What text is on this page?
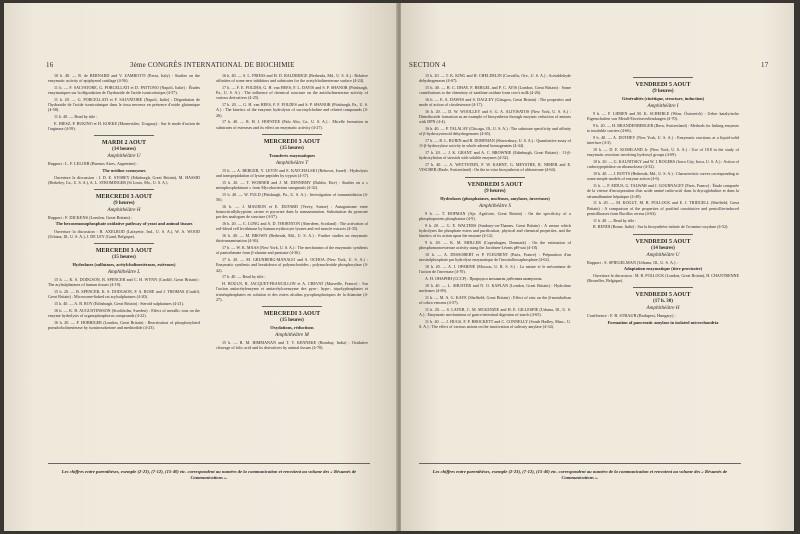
16	3ème CONGRÈS INTERNATIONAL DE BIOCHIMIE

10 h. 40. — R. de BERNARD and V. ZAMBOTTI (Pavia, Italy) : Studies on the enzymatic activity of epiphyseal cartilage (4-56).

11 h. — F. SALVATORE, G. PORCELLATI et D. PATTONO (Napoli, Italie) : Études enzymatiques sur la dégradation de l'hydrazide de l'acide isonicotinique (4-57).

11 h. 20. — G. PORCELLATI et F. SALVATORE (Napoli, Italie) : Dégradation de l'hydrazide de l'acide isonicotinique dans le tissu nerveux en présence d'oxide glutamique (4-58).

11 h. 40. — Read by title :

E. HIESZ, P. BUKINO et H. KOEKE (Montevideo, Uruguay) : Sur le mode d'action de l'arginase (4-59).

MARDI 2 AOUT
(14 heures)
Amphithéâtre U
Rapport : L. F. LELOIR (Buenos Aires, Argentine) :
The uridine coenzymes

Ouverture la discussion : I. D. E. STOREY (Edinburgh, Great Britain), M. HASSID (Berkeley, Ca., U. S. A.), A. L. STROMINGER (St Louis, Mo., U. S. A.).

MERCREDI 3 AOUT
(9 heures)
Amphithéâtre H
Rapport : F. DICKENS (London, Great Britain) :
The hexosemonophosphate oxidative pathway of yeast and animal tissues

Ouverture la discussion : B. AXELROD (Lafayette, Ind., U. S. A.), W. A. WOOD (Urbana, Ill., U. S. A.), J. DE LEY (Gand, Belgique).

MERCREDI 3 AOUT
(15 heures)
Hydrolases (sulfatases, acétylcholinestérases, estérases)
Amphithéâtre L

15 h. — K. S. DODGSON, B. SPENCER and C. H. WYNN (Cardiff, Great Britain) : The arylsulphatases of human tissues (4-19).

15 h. 20. — B. SPENCER, K. S. DODGSON, F. A. ROSE and J. THOMAS (Cardiff, Great Britain) : Microsome-linked rat arylsulphatases (4-20).

15 h. 40. — A. B. ROY (Edinburgh, Great Britain) : Steroid sulphatases (4-21).

16 h. — K. B. AUGUSTINSSON (Stockholm, Sweden) : Effect of metallic ions on the enzyme hydrolysis of organophosphorus compounds (4-22).

16 h. 20. — F. HOBBIGER (London, Great Britain) : Reactivation of phosphorylated pseudocholinesterase by isonitrosoketone and methiodide (4-23).

16 h. 40. — S. L. FRIESS and H. D. BALDRIDGE (Bethesda, Md., U. S. A.) : Relative affinities of some new inhibitors and substrates for the acetylcholinesterase surface (4-24).

17 h. — F. E. FOLDES, G. H. van HEES, F. L. DAVIS and S. P. SHANOR (Pittsburgh, Pa., U. S. A.) : The influence of chemical structure on the anticholinesterase activity of various derivatives (4-25).

17 h. 20. — G. H. van HEES, F. F. FOLDES and S. P. SHANOR (Pittsburgh, Pa., U. S. A.) : The kinetics of the enzymic hydrolysis of succinylcholine and related compounds (4-26).

17 h. 40. — R. H. J. HOFSTEE (Palo Alto, Ca., U. S. A.) : Micelle formation in substrates of esterases and its effect on enzymatic activity (4-27).

MERCREDI 3 AOUT
(15 heures)
Transferts enzymatiques
Amphithéâtre T

15 h. — A. BERGER, Y. LEVIN and E. KATCHALSKI (Rehovot, Israel) : Hydrolysis and transpeptidation of lysine peptides by trypsin (4-37).

15 h. 20. — T. WORNER and J. M. DENNEMY (Dublin, Eire) : Studies on a « metaphosphokinase » from Mycobacterium smegmatis (4-32).

15 h. 40. — W. FULD (Pittsburgh, Pa., U. S. A.) : Investigation of transamidation (4-56).

16 h. — J. MAURON et E. DUFARD (Vevey, Suisse) : Antagonisme entre homocitrullyltrypsine, racine et pyruvate dans la transamination. Substitution du pyruvate par des analogues de structure (4-57).

16 h. 20. — C. LONG and A. D. THORNTON (Aberdeen, Scotland) : The activation of red-blood cell lecithinase by human erythrocyte lysates and red muscle extracts (4-35).

16 h. 40. — M. BROWN (Bethesda, Md., U. S. A.) : Further studies on enzymatic thiotransamination (4-36).

17 h. — W. K. MAAS (New York, U. S. A.) : The mechanism of the enzymatic synthesis of pantothenate from β-alanine and pantoate (4-36).

17 h. 20. — M. GRUNBERG-MANAGO and S. OCHOA (New York, U. S. A.) : Enzymatic synthesis and breakdown of polynucleotides ; polynucleotide phosphorylase (4-42).

17 h. 40. — Read by title :

H. BOULN, R. JACQUET-FRANCILLON et A. CREVAT (Marseille, France) : Sur l'action antiacétylenzyme et antiacétylcoenzyme des pyro-, hypo-, tripolyphosphates et trimétaphosphates en solution et des esters alcalins pyrophosphoriques de la thiamine (4-27).

MERCREDI 3 AOUT
(15 heures)
Oxydations, réductions
Amphithéâtre M

15 h. — R. M. HIMMANAN and T. V. KENNEKE (Bombay, India) : Oxidative cleavage of folic acid and its derivatives by animal tissues (4-70).

Les chiffres entre parenthèses, exemple (2-23), (7-12), (15-40) etc. correspondent au numéro de la communication et renvoient au volume des « Résumés de Communications ».
SECTION 4	17

15 h. 20. — T. K. KING and H. CHELDELIN (Corvallis, Ore., U. S. A.) : Acetaldehyde dehydrogenases (4-67).

15 h. 40. — H. C. DHAY, F. BERGEL and P. C. AVIS (London, Great Britain) : Some contributions to the chemistry of xanthine oxidase from cow's milk (4-26).

16 h. — E. A. DAWES and S. DAGLEY (Glasgow, Great Britain) : The properties and mode of action of citrulesterase (4-17).

16 h. 20. — D. W. WOOLLEY and S. G. A. ALIVISATOS (New York, U. S. A.) : Dimethoxide formation as an example of biosynthesis through enzymic reduction of amines with DPN (4-4).

16 h. 40. — P. TALALAY (Chicago, Ill., U. S. A.) : The substrate specificity and affinity of β-hydroxysteroid dehydrogenases (4-65).

17 h. — R. L. RUBIN and B. DORFMAN (Shrewsbury, U. S. A.) : Quantitative assay of 11-β-hydroxylase activity in whole adrenal homogenates (4-44).

17 h. 20. — J. K. GRANT and A. C. BROWNIE (Edinburgh, Great Britain) : 11-β-hydroxylation of steroids with soluble enzymes (4-32).

17 h. 40. — A. WETTSTEIN, F. W. KAHNT, G. MEYSTRE, R. NEHER and E. VISCHER (Basle, Switzerland) : On the in vitro biosynthesis of aldosterone (4-64).

VENDREDI 5 AOUT
(9 heures)
Hydrolases (phosphatases, nucléases, amylases, invertases)
Amphithéâtre S

9 h. — T. HOFMAN (Aje, Agrifoire, Great Britain) : On the specificity of a phosphoprotein phosphatase (4-9).

9 h. 20. — G. E. WALTERS (Sunbury-on-Thames, Great Britain) : A urease which hydrolyses the phosphate esters and purification, physical and chemical properties, and the kinetics of its action upon the enzyme (4-12).

9 h. 40. — K. M. MØLLER (Copenhagen, Denmark) : On the estimation of phosphomonoesterase activity using the Jacobsen-Léonis pH-stat (4-18).

10 h. — A. DESSOBERT et P. FLEURENT (Paris, France) : Préparation d'un inositolphosphate par hydrolyse enzymatique de l'inositolhexaphosphate (4-62).

10 h. 20. — A. I. OPARINE (Moscou, U. R. S. S.) : La nature et le mécanisme de l'action de l'invertase (4-70).

A. H. OHAPHH (СССР) : Природа и механизм действия инвертазы.

10 h. 40. — L. SHUSTER and N. O. KAPLAN (London, Great Britain) : Hydrolase nucleases (4-69).

11 h. — M. A. G. KAYE (Sheffield, Great Britain) : Effect of zinc on the β-metabolism of cobra venoms (4-57).

11 h. 20. — S. LAYER, C. M. MCKENZIE and H. E. GILLESPIE (Urbana, Ill., U. S. A.) : Enzymatic mechanisms of gastro-intestinal digestion of starch (4-65).

11 h. 40. — J. HUGS, F. P. BROCKETT and C. CONNELLY (South Hadley, Mass., U. S. A.) : The effect of various anions on the inactivation of salivary amylase (4-34).

VENDREDI 5 AOUT
(9 heures)
Généralités (cinétique, structure, induction)
Amphithéâtre I

9 h. — F. LIEBEN and M. K. SCHEIBLE (Wien, Österreich) : Ueber katalytische Eigenschaften von Metall-Eiweissverbindungen (4-70).

9 h. 20. — H. BRANDENBERGER (Bern, Switzerland) : Methods for linking enzymes to insoluble carriers (4-66).

9 h. 40. — A. DOTHEY (New York, U. S. A.) : Enzymatic reactions at a liquid-solid interface (4-3).

10 h. — D. E. KOSHLAND Jr. (New York, U. S. A.) : Use of O18 in the study of enzymatic reactions involving hydroxyl groups (4-69).

10 h. 20. — G. KALNITSKY and W. I. ROGERS (Iowa City, Iowa, U. S. A.) : Action of carboxypeptidase on ribonuclease (4-32).

10 h. 40. — J. ROTTS (Bethesda, Md., U. S. A.) : Characteristic curves corresponding to some simple models of enzyme action (4-6).

11 h. — F. EIDUS, G. TALWAR and J. GOURNAGET (Paris, France) : Étude comparée de la vitesse d'incorporation d'un acide aminé radio-actif dans la thyroglobuline et dans la sérumalbumine hépatique (4-49).

11 h. 20. — M. KOGUT, M. R. POLLOCK and E. J. TRIDGELL (Sheffield, Great Britain) : A comparison of the properties of purified constitutive and penicillin-induced penicillinases from Bacillus cereus (4-63).

11 h. 40. — Read by title :

R. RENDI (Rome, Italie) : Sur la biosynthèse induite de l'α-amino-oxydase (4-52).

VENDREDI 5 AOUT
(14 heures)
Amphithéâtre U
Rapport : S. SPIEGELMAN (Urbana, Ill., U. S. A.) :
Adaptation enzymatique (titre provisoire)

Ouverture la discussion : M. R. POLLOCK (London, Great Britain), H. CHANTRENNE (Bruxelles, Belgique).

VENDREDI 5 AOUT
(17 h. 30)
Amphithéâtre H
Conférence : F. B. STRAUB (Budapest, Hungary) :
Formation of pancreatic amylase in isolated microchondria
Les chiffres entre parenthèses, exemple (2-23), (7-12), (15-40) etc. correspondent au numéro de la communication et renvoient au volume des « Résumés de Communications ».
